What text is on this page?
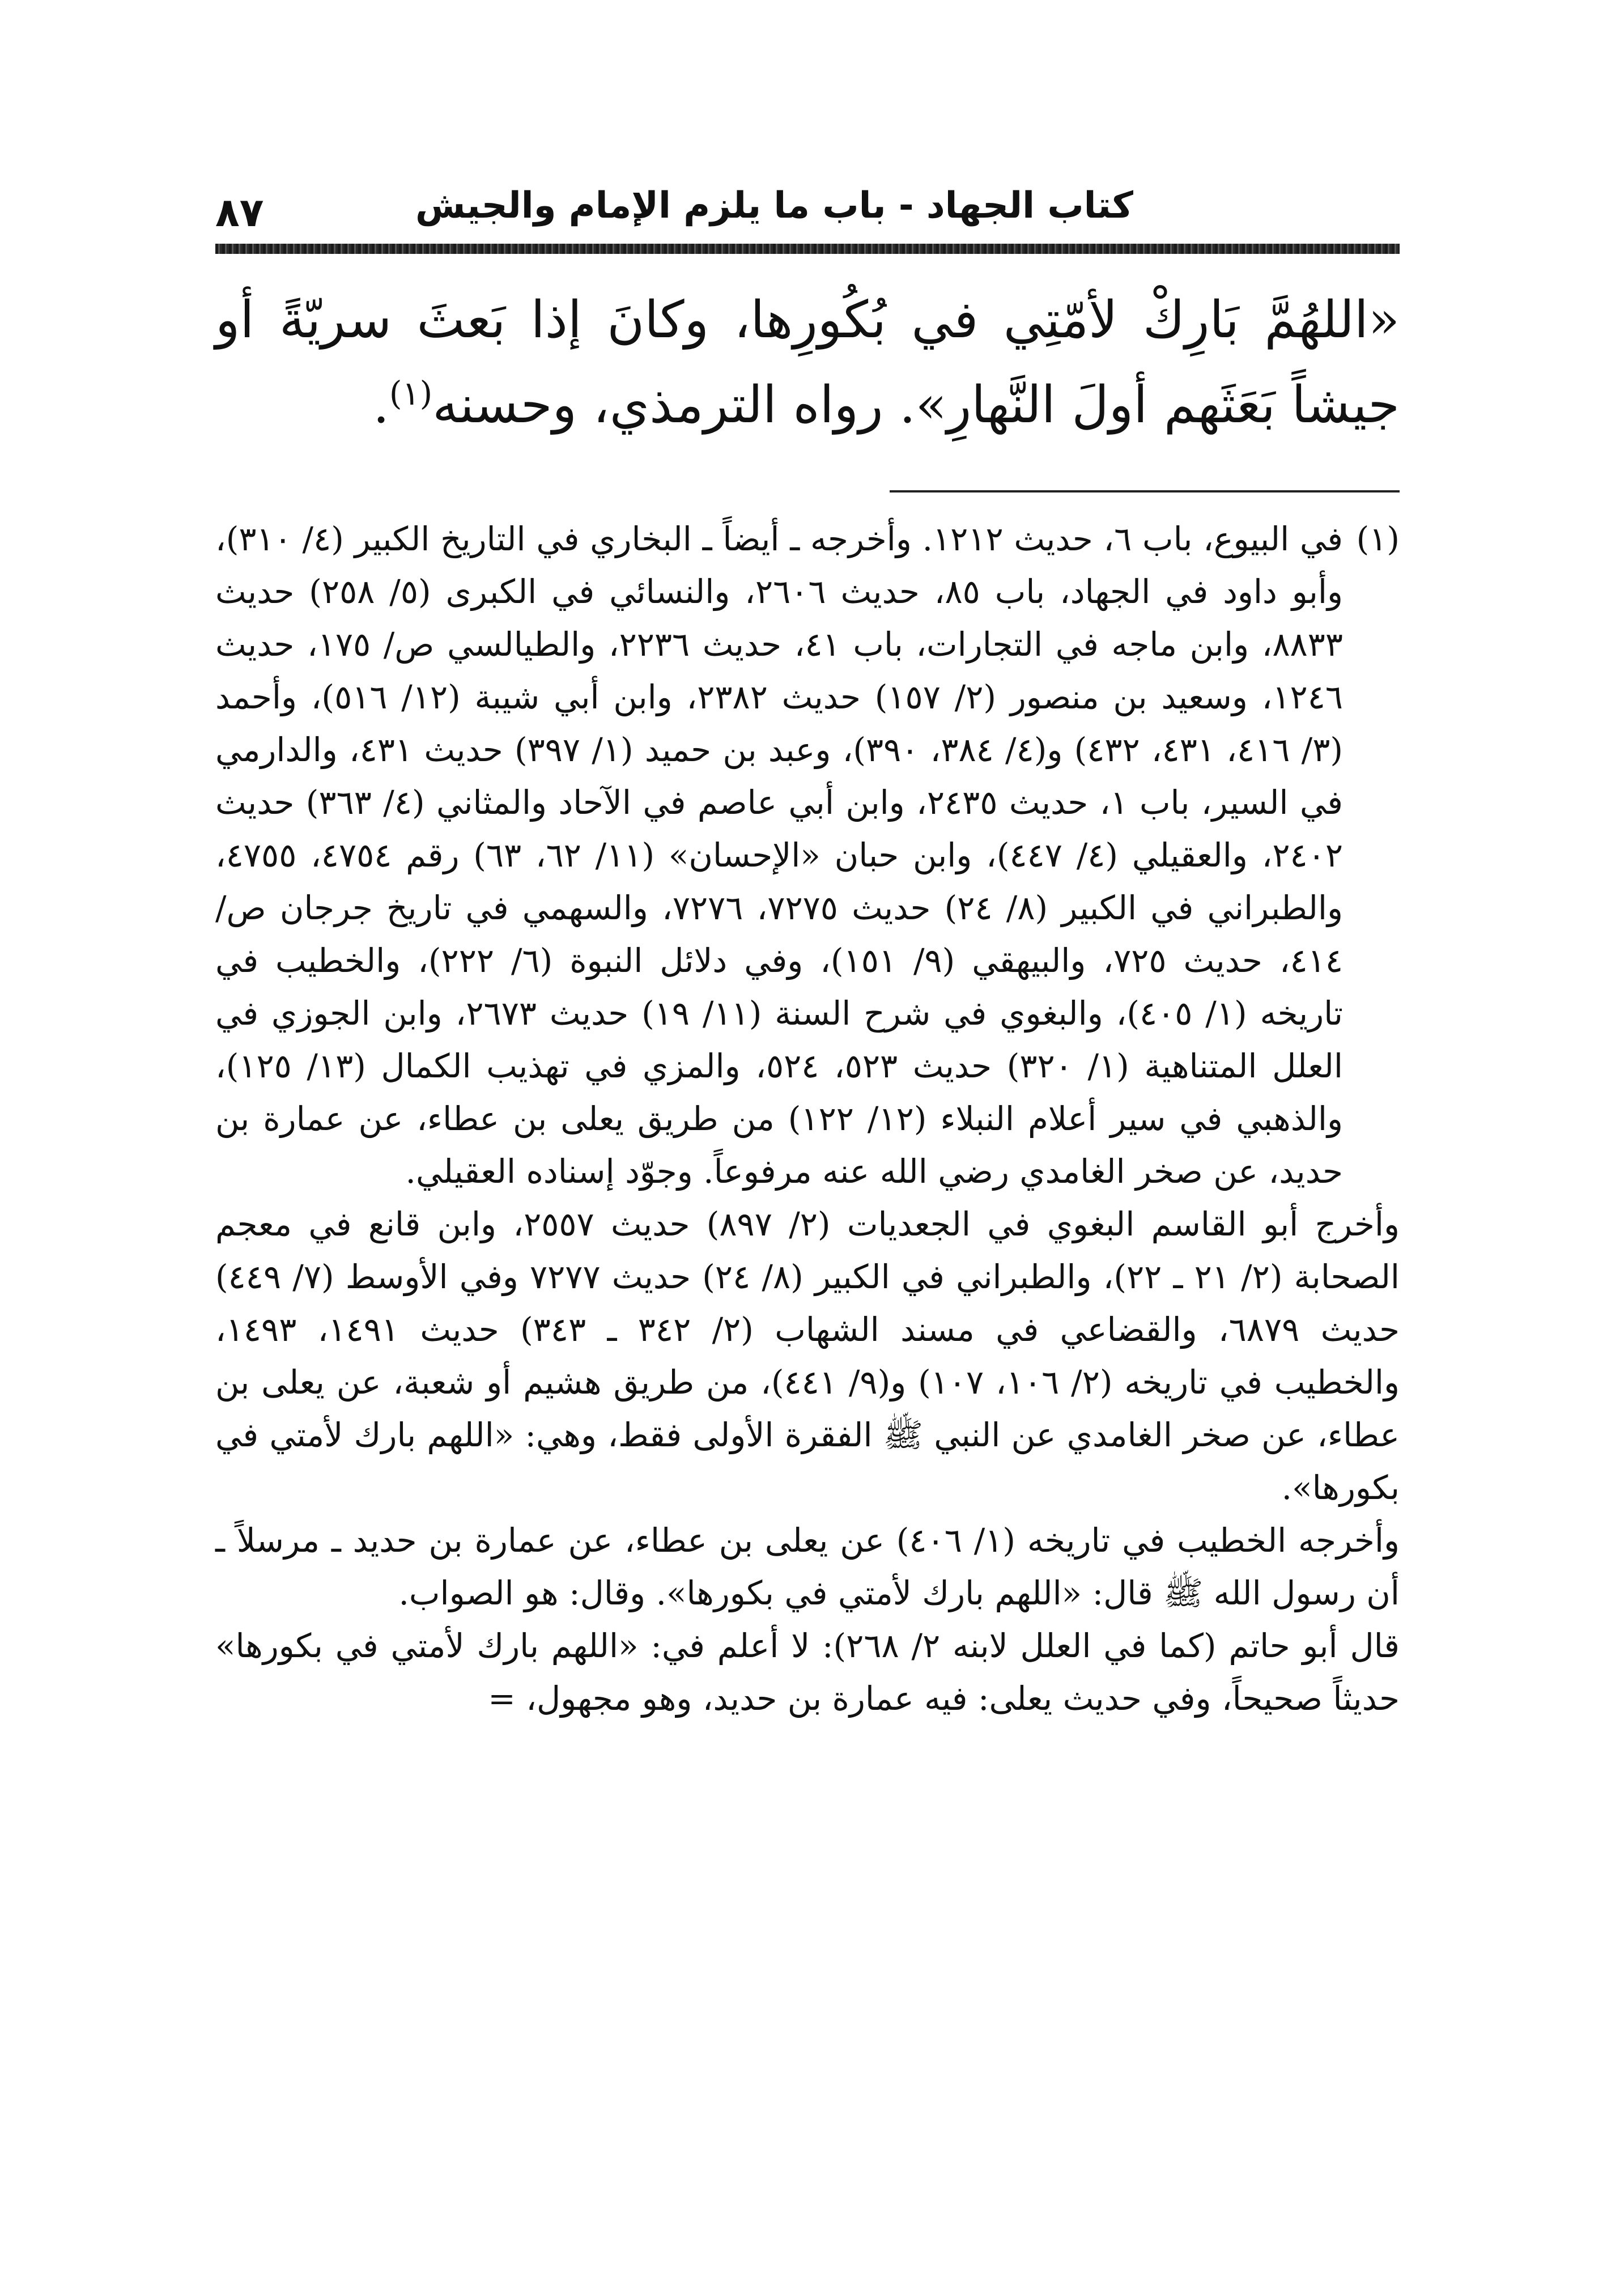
كتاب الجهاد - باب ما يلزم الإمام والجيش
٨٧

«اللهُمَّ بَارِكْ لأمّتِي في بُكُورِها، وكانَ إذا بَعثَ سريّةً أو جيشاً بَعَثَهم أولَ النَّهارِ». رواه الترمذي، وحسنه$^{(١)}$.

(١)في البيوع، باب ٦، حديث ١٢١٢. وأخرجه ـ أيضاً ـ البخاري في التاريخ الكبير (٤/ ٣١٠)، وأبو داود في الجهاد، باب ٨٥، حديث ٢٦٠٦، والنسائي في الكبرى (٥/ ٢٥٨) حديث ٨٨٣٣، وابن ماجه في التجارات، باب ٤١، حديث ٢٢٣٦، والطيالسي ص/ ١٧٥، حديث ١٢٤٦، وسعيد بن منصور (٢/ ١٥٧) حديث ٢٣٨٢، وابن أبي شيبة (١٢/ ٥١٦)، وأحمد (٣/ ٤١٦، ٤٣١، ٤٣٢) و(٤/ ٣٨٤، ٣٩٠)، وعبد بن حميد (١/ ٣٩٧) حديث ٤٣١، والدارمي في السير، باب ١، حديث ٢٤٣٥، وابن أبي عاصم في الآحاد والمثاني (٤/ ٣٦٣) حديث ٢٤٠٢، والعقيلي (٤/ ٤٤٧)، وابن حبان «الإحسان» (١١/ ٦٢، ٦٣) رقم ٤٧٥٤، ٤٧٥٥، والطبراني في الكبير (٨/ ٢٤) حديث ٧٢٧٥، ٧٢٧٦، والسهمي في تاريخ جرجان ص/ ٤١٤، حديث ٧٢٥، والبيهقي (٩/ ١٥١)، وفي دلائل النبوة (٦/ ٢٢٢)، والخطيب في تاريخه (١/ ٤٠٥)، والبغوي في شرح السنة (١١/ ١٩) حديث ٢٦٧٣، وابن الجوزي في العلل المتناهية (١/ ٣٢٠) حديث ٥٢٣، ٥٢٤، والمزي في تهذيب الكمال (١٣/ ١٢٥)، والذهبي في سير أعلام النبلاء (١٢/ ١٢٢) من طريق يعلى بن عطاء، عن عمارة بن حديد، عن صخر الغامدي رضي الله عنه مرفوعاً. وجوّد إسناده العقيلي.

وأخرج أبو القاسم البغوي في الجعديات (٢/ ٨٩٧) حديث ٢٥٥٧، وابن قانع في معجم الصحابة (٢/ ٢١ ـ ٢٢)، والطبراني في الكبير (٨/ ٢٤) حديث ٧٢٧٧ وفي الأوسط (٧/ ٤٤٩) حديث ٦٨٧٩، والقضاعي في مسند الشهاب (٢/ ٣٤٢ ـ ٣٤٣) حديث ١٤٩١، ١٤٩٣، والخطيب في تاريخه (٢/ ١٠٦، ١٠٧) و(٩/ ٤٤١)، من طريق هشيم أو شعبة، عن يعلى بن عطاء، عن صخر الغامدي عن النبي ﷺ الفقرة الأولى فقط، وهي: «اللهم بارك لأمتي في بكورها».

وأخرجه الخطيب في تاريخه (١/ ٤٠٦) عن يعلى بن عطاء، عن عمارة بن حديد ـ مرسلاً ـ أن رسول الله ﷺ قال: «اللهم بارك لأمتي في بكورها». وقال: هو الصواب.

قال أبو حاتم (كما في العلل لابنه ٢/ ٢٦٨): لا أعلم في: «اللهم بارك لأمتي في بكورها» حديثاً صحيحاً، وفي حديث يعلى: فيه عمارة بن حديد، وهو مجهول، =
